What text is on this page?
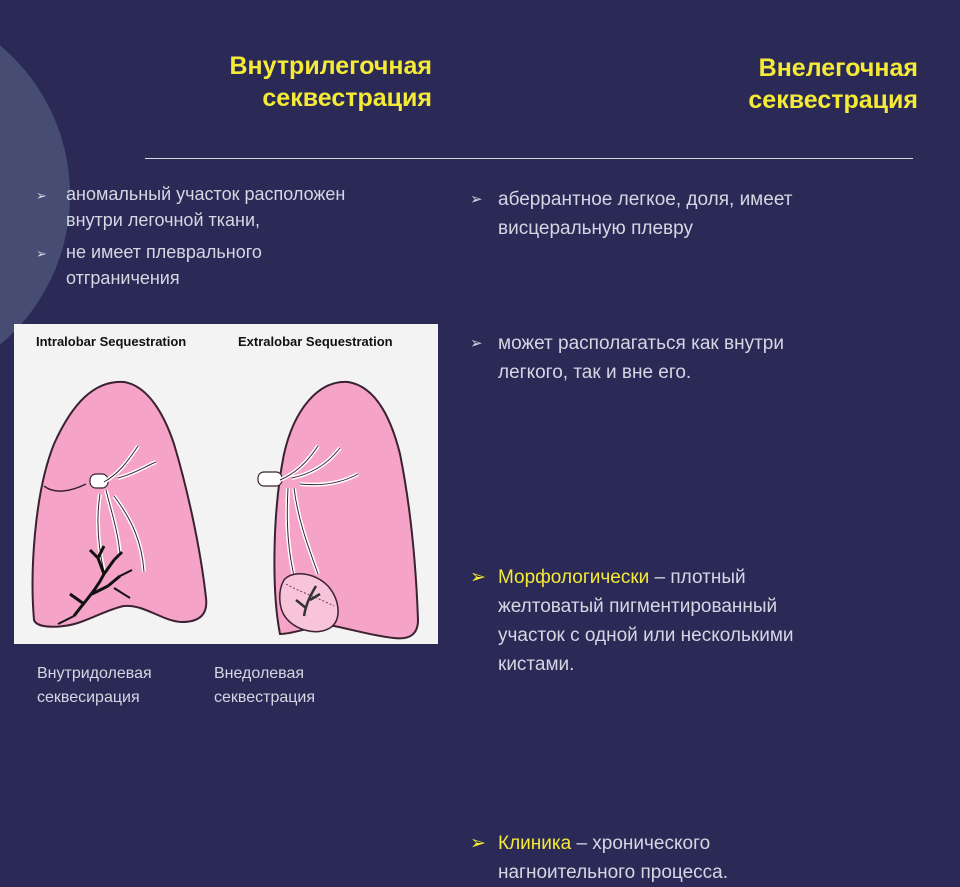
Внутрилегочная
секвестрация
Внелегочная
секвестрация
➢ аномальный участок расположен
внутри легочной ткани,
➢ не имеет плеврального
отграничения
➢ аберрантное легкое, доля, имеет
висцеральную плевру
➢ может располагаться как внутри
легкого, так и вне его.
➢ Морфологически – плотный
желтоватый пигментированный
участок с одной или несколькими
кистами.
➢ Клиника – хронического
нагноительного процесса.
Intralobar Sequestration	Extralobar Sequestration
Внутридолевая
секвесирация
Внедолевая
секвестрация
